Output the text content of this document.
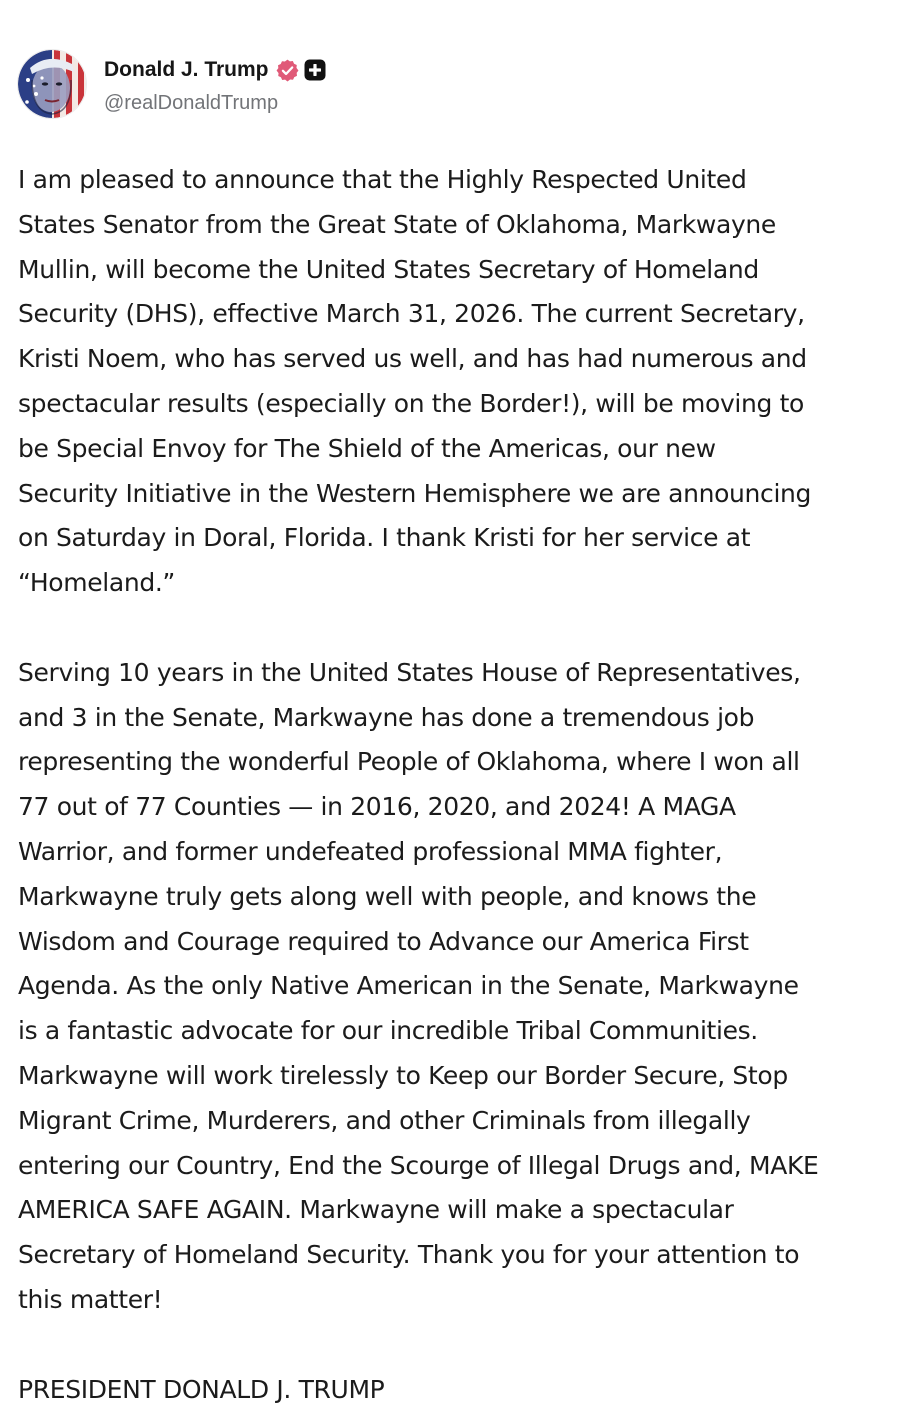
Donald J. Trump
@realDonaldTrump

I am pleased to announce that the Highly Respected United
States Senator from the Great State of Oklahoma, Markwayne
Mullin, will become the United States Secretary of Homeland
Security (DHS), effective March 31, 2026. The current Secretary,
Kristi Noem, who has served us well, and has had numerous and
spectacular results (especially on the Border!), will be moving to
be Special Envoy for The Shield of the Americas, our new
Security Initiative in the Western Hemisphere we are announcing
on Saturday in Doral, Florida. I thank Kristi for her service at
“Homeland.”

Serving 10 years in the United States House of Representatives,
and 3 in the Senate, Markwayne has done a tremendous job
representing the wonderful People of Oklahoma, where I won all
77 out of 77 Counties — in 2016, 2020, and 2024! A MAGA
Warrior, and former undefeated professional MMA fighter,
Markwayne truly gets along well with people, and knows the
Wisdom and Courage required to Advance our America First
Agenda. As the only Native American in the Senate, Markwayne
is a fantastic advocate for our incredible Tribal Communities.
Markwayne will work tirelessly to Keep our Border Secure, Stop
Migrant Crime, Murderers, and other Criminals from illegally
entering our Country, End the Scourge of Illegal Drugs and, MAKE
AMERICA SAFE AGAIN. Markwayne will make a spectacular
Secretary of Homeland Security. Thank you for your attention to
this matter!

PRESIDENT DONALD J. TRUMP
